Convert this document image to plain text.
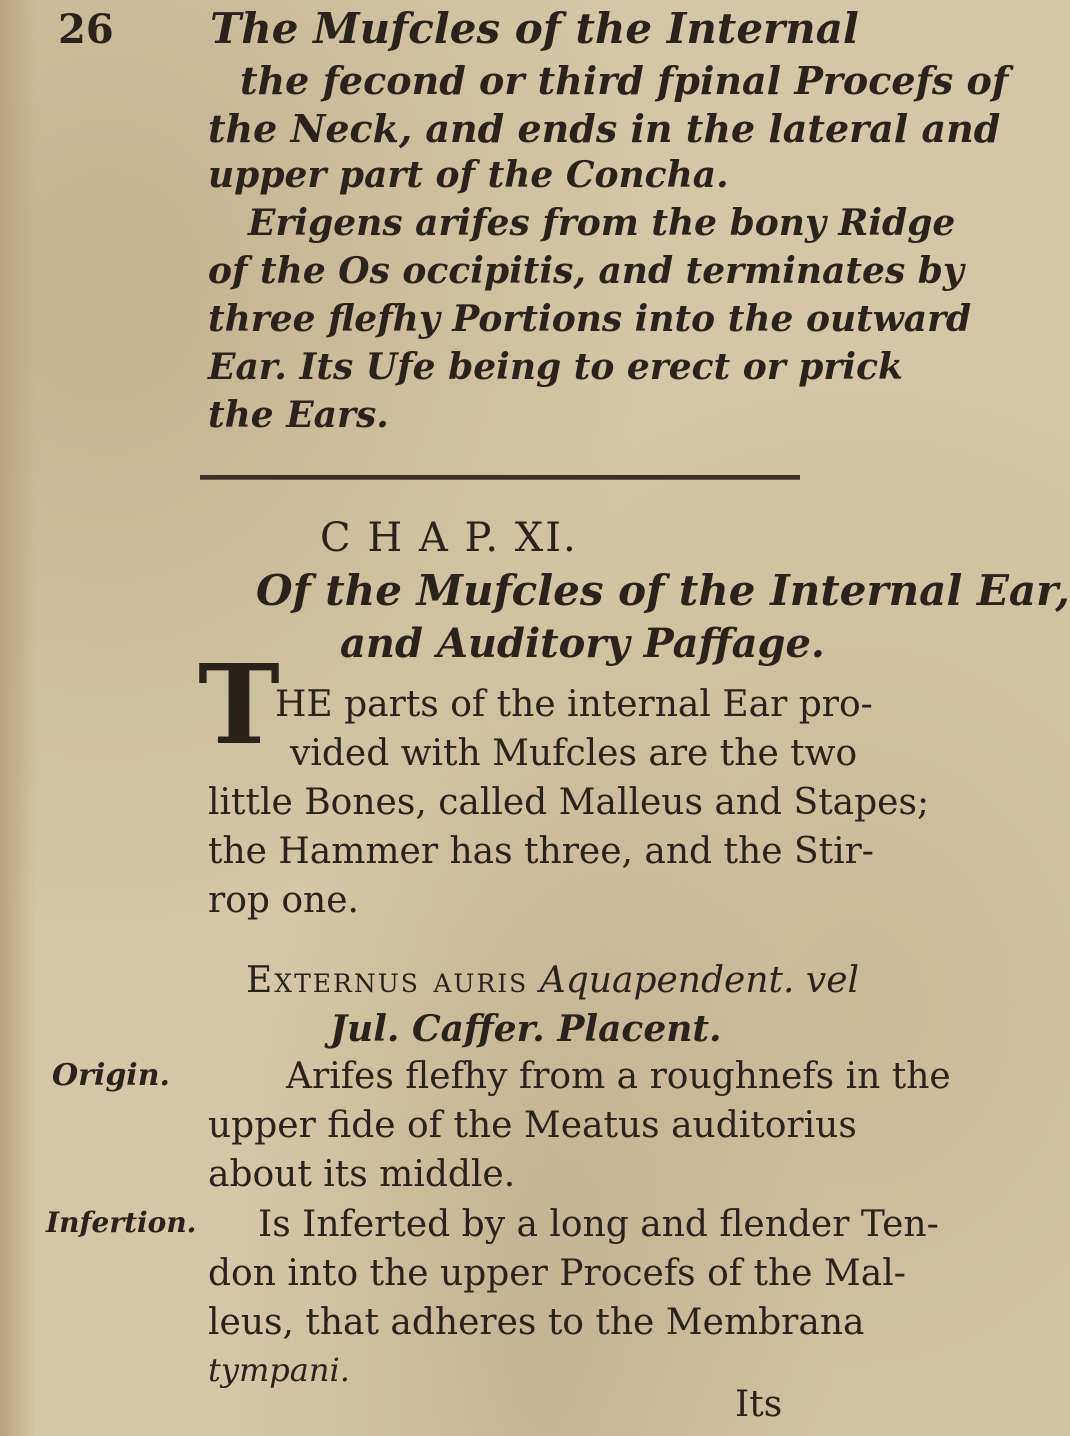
26 The Mufcles of the Internal
the fecond or third fpinal Procefs of
the Neck, and ends in the lateral and
upper part of the Concha.
Erigens arifes from the bony Ridge
of the Os occipitis, and terminates by
three flefhy Portions into the outward
Ear. Its Ufe being to erect or prick
the Ears.
C H A P. XI.
Of the Mufcles of the Internal Ear,
and Auditory Paffage.
T
HE parts of the internal Ear pro-
vided with Mufcles are the two
little Bones, called Malleus and Stapes;
the Hammer has three, and the Stir-
rop one.
Externus auris Aquapendent. vel
Jul. Caffer. Placent.
Origin.	Arifes flefhy from a roughnefs in the
upper fide of the Meatus auditorius
about its middle.
Infertion. Is Inferted by a long and flender Ten-
don into the upper Procefs of the Mal-
leus, that adheres to the Membrana
tympani.
Its
